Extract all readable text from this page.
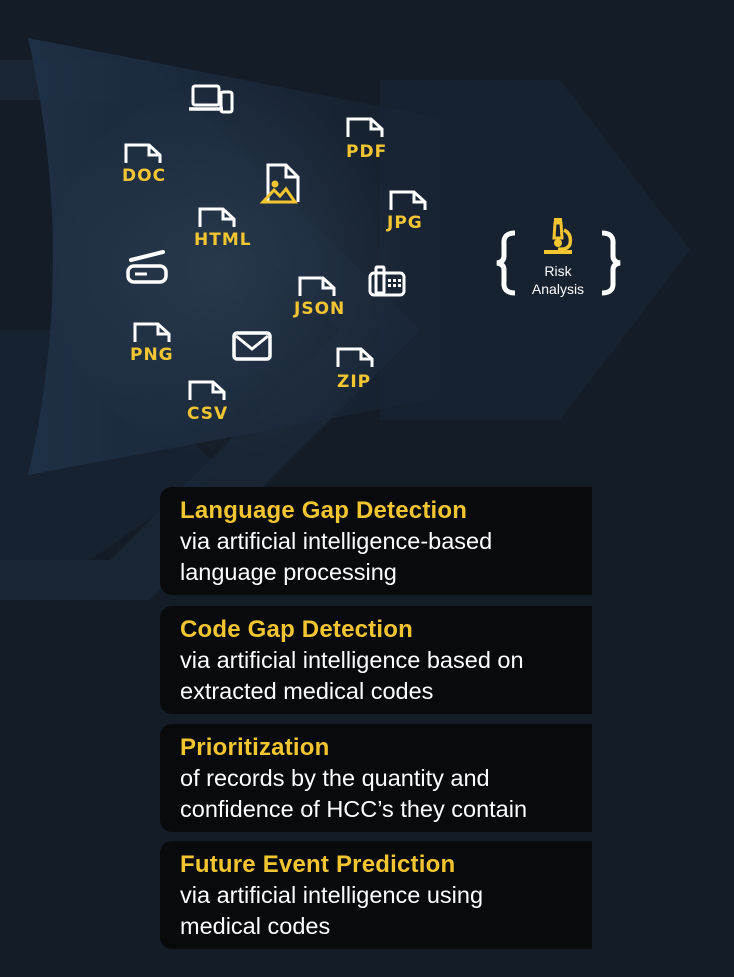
DOC
PDF
JPG
HTML
JSON
PNG
ZIP
CSV
Risk
Analysis
Language Gap Detection
via artificial intelligence-based
language processing
Code Gap Detection
via artificial intelligence based on
extracted medical codes
Prioritization
of records by the quantity and
confidence of HCC’s they contain
Future Event Prediction
via artificial intelligence using
medical codes
